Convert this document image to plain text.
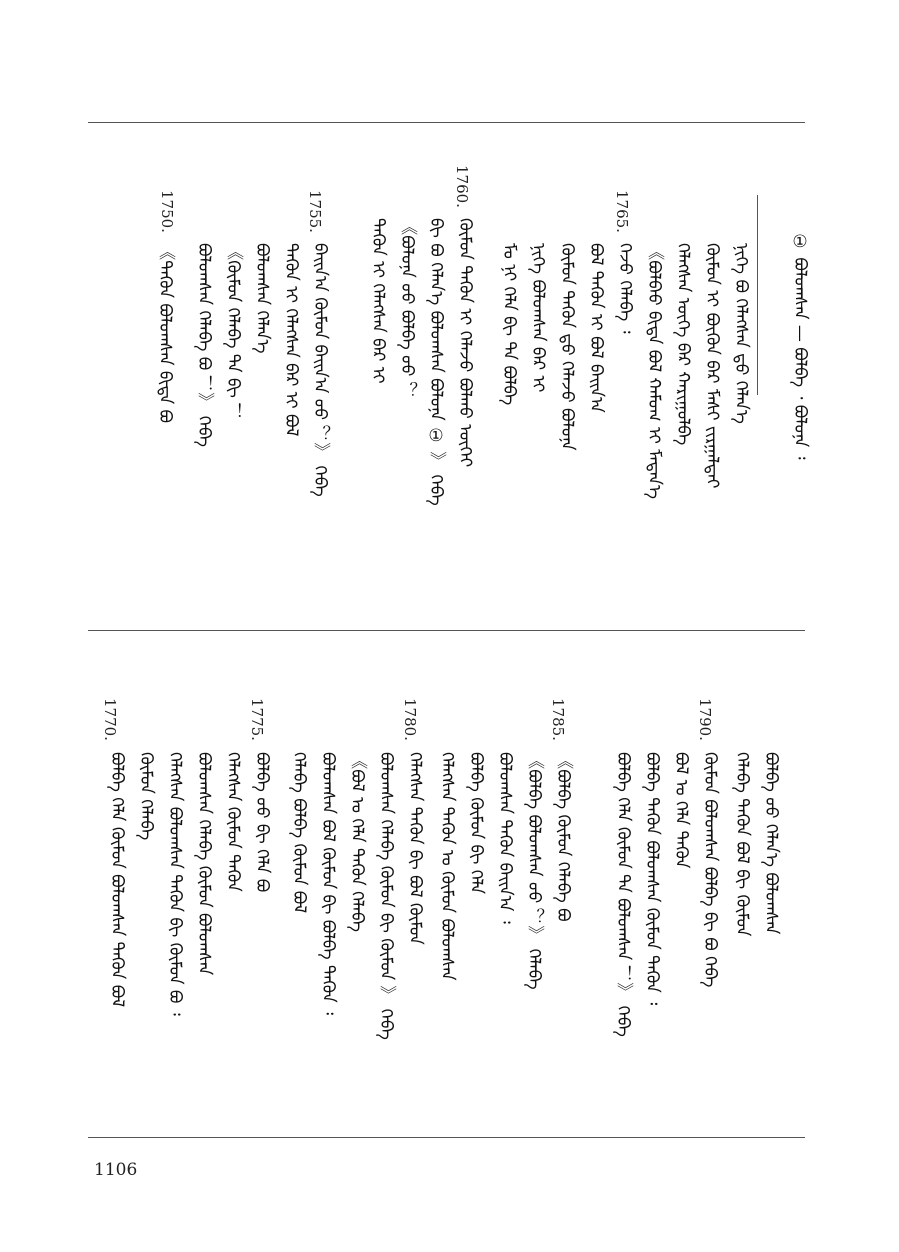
① ᠪᠣᠯᠤᠭᠰᠠᠨ — ᠪᠣᠯᠪᠠ ᠂ ᠪᠣᠯᠤᠨᠠ ᠄
ᠨᠢᠭᠡ ᠪᠣ ᠬᠡᠯᠡᠭᠰᠡᠨ ᠳ᠋ᠤ ᠬᠡᠯᠡᠨ᠎ᠡ
ᠬᠦᠮᠦᠨ ᠢ ᠪᠦᠬᠦᠨ ᠪᠠᠷ ᠮᠠᠰᠢ ᠵᠢᠷᠭᠠᠯᠲᠠᠢ
ᠬᠡᠯᠡᠭᠰᠡᠨ ᠦᠭᠡ ᠪᠠᠷ ᠬᠠᠷᠢᠭᠤᠯᠪᠠ
《ᠪᠣᠯᠪᠠᠤ ᠪᠢᠳᠡ ᠪᠣᠯ ᠬᠠᠮᠤᠭ ᠢ ᠮᠡᠳᠡᠨ᠎ᠡ
1765.
ᠭᠡᠵᠦ ᠬᠡᠯᠡᠪᠡ ᠄
ᠪᠣᠯ ᠲᠡᠭᠦᠨ ᠢ ᠪᠣᠯ ᠪᠠᠢᠨ᠎ᠠ
ᠬᠦᠮᠦᠨ ᠲᠡᠭᠦᠨ ᠳ᠋ᠤ ᠬᠡᠯᠡᠵᠦ ᠪᠣᠯᠤᠨᠠ
ᠨᠢᠭᠡ ᠪᠣᠯᠤᠭᠰᠠᠨ ᠪᠡᠷ ᠢ
ᠮᠣ ᠨᠢ ᠬᠡᠯᠡ ᠪᠢ ᠲᠠ ᠪᠣᠯᠪᠠ
1760.
ᠬᠦᠮᠦᠨ ᠲᠡᠭᠦᠨ ᠢ ᠬᠡᠯᠡᠵᠦ ᠪᠣᠯᠬᠤ ᠦᠭᠡᠢ
ᠪᠢ ᠪᠣ ᠬᠡᠯᠡᠨ᠎ᠡ ᠪᠣᠯᠤᠭᠰᠠᠨ ᠪᠣᠯᠤᠨᠠ ① 》 ᠭᠡᠪᠡ
《ᠪᠣᠯᠤᠨᠠ ᠤᠤ ᠪᠣᠯᠪᠠ ᠤᠤ ？
ᠲᠡᠭᠦᠨ ᠢ ᠬᠡᠯᠡᠭᠰᠡᠨ ᠪᠡᠷ ᠢ
1755.
ᠪᠠᠢᠨ᠎ᠠ ᠬᠦᠮᠦᠨ ᠪᠠᠢᠨ᠎ᠠ ᠤᠤ ？》 ᠭᠡᠪᠡ
ᠲᠡᠭᠦᠨ ᠢ ᠬᠡᠯᠡᠭᠰᠡᠨ ᠪᠡᠷ ᠢ ᠪᠣᠯ
ᠪᠣᠯᠤᠭᠰᠠᠨ ᠬᠡᠯᠡᠨ᠎ᠡ
《ᠬᠦᠮᠦᠨ ᠬᠡᠯᠡᠪᠡ ᠲᠠ ᠪᠢ ！
ᠪᠣᠯᠤᠭᠰᠠᠨ ᠬᠡᠯᠡᠪᠡ ᠪᠣ ！》 ᠭᠡᠪᠡ
1750.
《ᠲᠡᠭᠦᠨ ᠪᠣᠯᠤᠭᠰᠠᠨ ᠪᠢᠳᠡ ᠪᠣ
ᠪᠣᠯᠪᠠ ᠤᠤ ᠬᠡᠯᠡᠨ᠎ᠡ ᠪᠣᠯᠤᠭᠰᠠᠨ
ᠬᠡᠯᠡᠪᠡ ᠲᠡᠭᠦᠨ ᠪᠣᠯ ᠪᠢ ᠬᠦᠮᠦᠨ
1790.
ᠬᠦᠮᠦᠨ ᠪᠣᠯᠤᠭᠰᠠᠨ ᠪᠣᠯᠪᠠ ᠪᠢ ᠪᠣ ᠭᠡᠪᠡ
ᠪᠣᠯ ᠤ ᠬᠡᠯᠡ ᠲᠡᠭᠦᠨ
ᠪᠣᠯᠪᠠ ᠲᠡᠭᠦᠨ ᠪᠣᠯᠤᠭᠰᠠᠨ ᠬᠦᠮᠦᠨ ᠲᠡᠭᠦᠨ ᠄
ᠪᠣᠯᠪᠠ ᠬᠡᠯᠡ ᠬᠦᠮᠦᠨ ᠲᠠ ᠪᠣᠯᠤᠭᠰᠠᠨ ！》 ᠭᠡᠪᠡ
1785.
《ᠪᠣᠯᠪᠠ ᠬᠦᠮᠦᠨ ᠬᠡᠯᠡᠪᠡ ᠪᠣ
《ᠪᠣᠯᠪᠠ ᠪᠣᠯᠤᠭᠰᠠᠨ ᠤᠤ ？》 ᠬᠡᠯᠡᠪᠡ
ᠪᠣᠯᠤᠭᠰᠠᠨ ᠲᠡᠭᠦᠨ ᠪᠠᠢᠨ᠎ᠠ ᠄
ᠪᠣᠯᠪᠠ ᠬᠦᠮᠦᠨ ᠪᠢ ᠬᠡᠯᠡ
ᠬᠡᠯᠡᠭᠰᠡᠨ ᠲᠡᠭᠦᠨ ᠤ ᠬᠦᠮᠦᠨ ᠪᠣᠯᠤᠭᠰᠠᠨ
1780.
ᠬᠡᠯᠡᠭᠰᠡᠨ ᠲᠡᠭᠦᠨ ᠪᠢ ᠪᠣᠯ ᠬᠦᠮᠦᠨ
ᠪᠣᠯᠤᠭᠰᠠᠨ ᠬᠡᠯᠡᠪᠡ ᠬᠦᠮᠦᠨ ᠪᠢ ᠬᠦᠮᠦᠨ 》 ᠭᠡᠪᠡ
《ᠪᠣᠯ ᠤ ᠬᠡᠯᠡ ᠲᠡᠭᠦᠨ ᠬᠡᠯᠡᠪᠡ
ᠪᠣᠯᠤᠭᠰᠠᠨ ᠪᠣᠯ ᠬᠦᠮᠦᠨ ᠪᠢ ᠪᠣᠯᠪᠠ ᠲᠡᠭᠦᠨ ᠄
ᠬᠡᠯᠡᠪᠡ ᠪᠣᠯᠪᠠ ᠬᠦᠮᠦᠨ ᠪᠣᠯ
1775.
ᠪᠣᠯᠪᠠ ᠤᠤ ᠪᠢ ᠬᠡᠯᠡ ᠪᠣ
ᠬᠡᠯᠡᠭᠰᠡᠨ ᠬᠦᠮᠦᠨ ᠲᠡᠭᠦᠨ
ᠪᠣᠯᠤᠭᠰᠠᠨ ᠬᠡᠯᠡᠪᠡ ᠬᠦᠮᠦᠨ ᠪᠣᠯᠤᠭᠰᠠᠨ
ᠬᠡᠯᠡᠭᠰᠡᠨ ᠪᠣᠯᠤᠭᠰᠠᠨ ᠲᠡᠭᠦᠨ ᠪᠢ ᠬᠦᠮᠦᠨ ᠪᠣ ᠄
ᠬᠦᠮᠦᠨ ᠬᠡᠯᠡᠪᠡ
1770.
ᠪᠣᠯᠪᠠ ᠬᠡᠯᠡ ᠬᠦᠮᠦᠨ ᠪᠣᠯᠤᠭᠰᠠᠨ ᠲᠡᠭᠦᠨ ᠪᠣᠯ
1106
